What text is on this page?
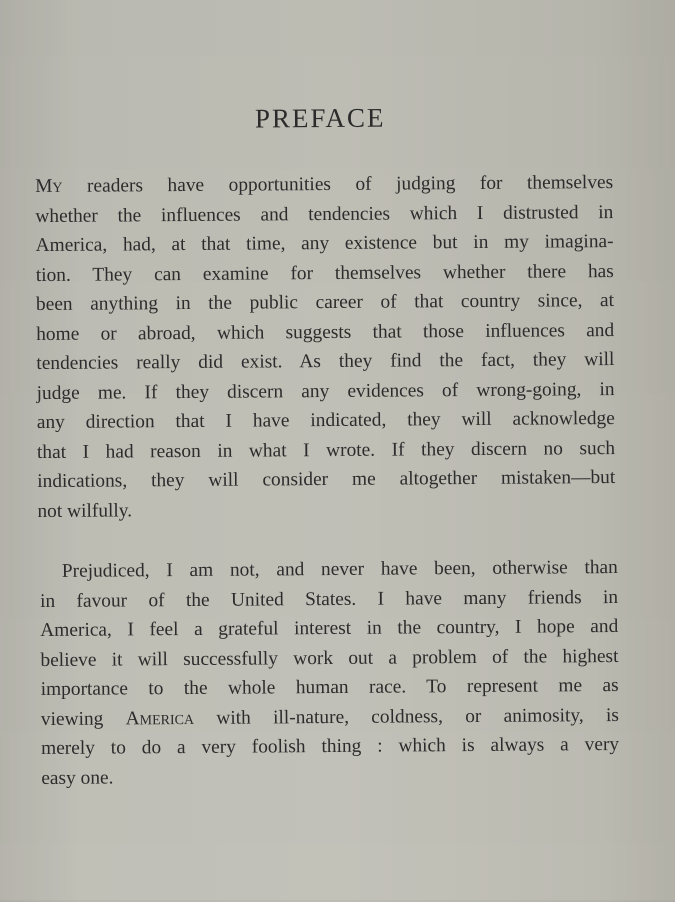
PREFACE
My readers have opportunities of judging for themselves
whether the influences and tendencies which I distrusted in
America, had, at that time, any existence but in my imagina-
tion. They can examine for themselves whether there has
been anything in the public career of that country since, at
home or abroad, which suggests that those influences and
tendencies really did exist. As they find the fact, they will
judge me. If they discern any evidences of wrong-going, in
any direction that I have indicated, they will acknowledge
that I had reason in what I wrote. If they discern no such
indications, they will consider me altogether mistaken—but
not wilfully.
Prejudiced, I am not, and never have been, otherwise than
in favour of the United States. I have many friends in
America, I feel a grateful interest in the country, I hope and
believe it will successfully work out a problem of the highest
importance to the whole human race. To represent me as
viewing America with ill-nature, coldness, or animosity, is
merely to do a very foolish thing : which is always a very
easy one.
